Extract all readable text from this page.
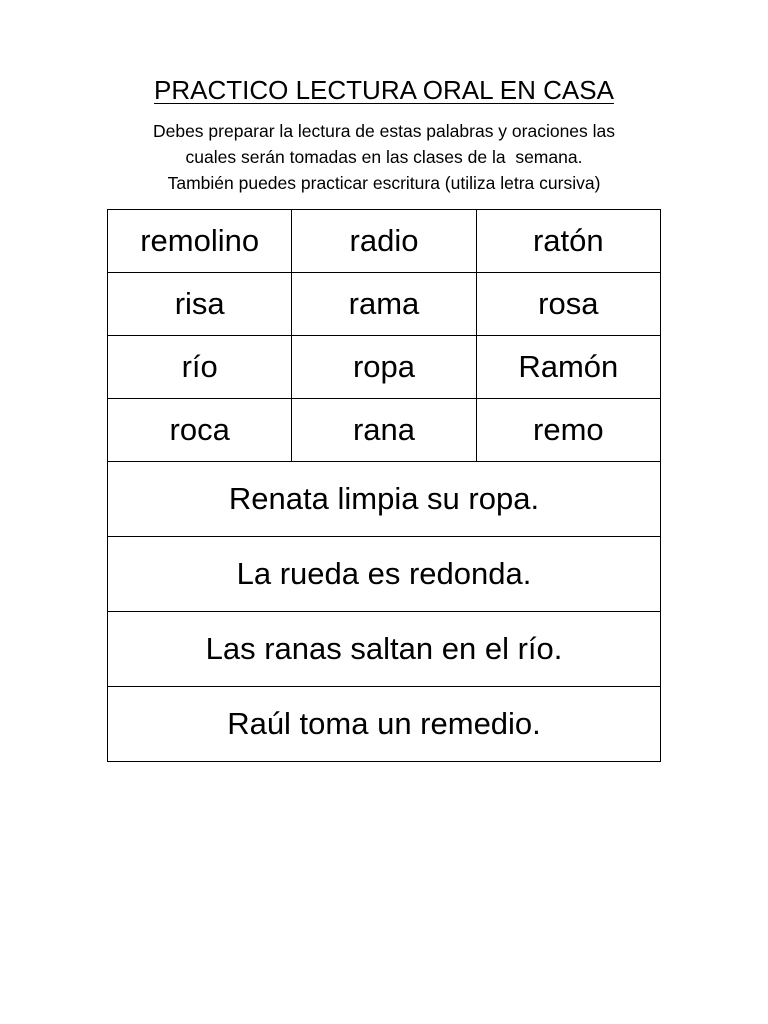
PRACTICO LECTURA ORAL EN CASA
Debes preparar la lectura de estas palabras y oraciones las
cuales serán tomadas en las clases de la  semana.
También puedes practicar escritura (utiliza letra cursiva)
remolino	radio	ratón
risa	rama	rosa
río	ropa	Ramón
roca	rana	remo
Renata limpia su ropa.		
La rueda es redonda.		
Las ranas saltan en el río.		
Raúl toma un remedio.		
